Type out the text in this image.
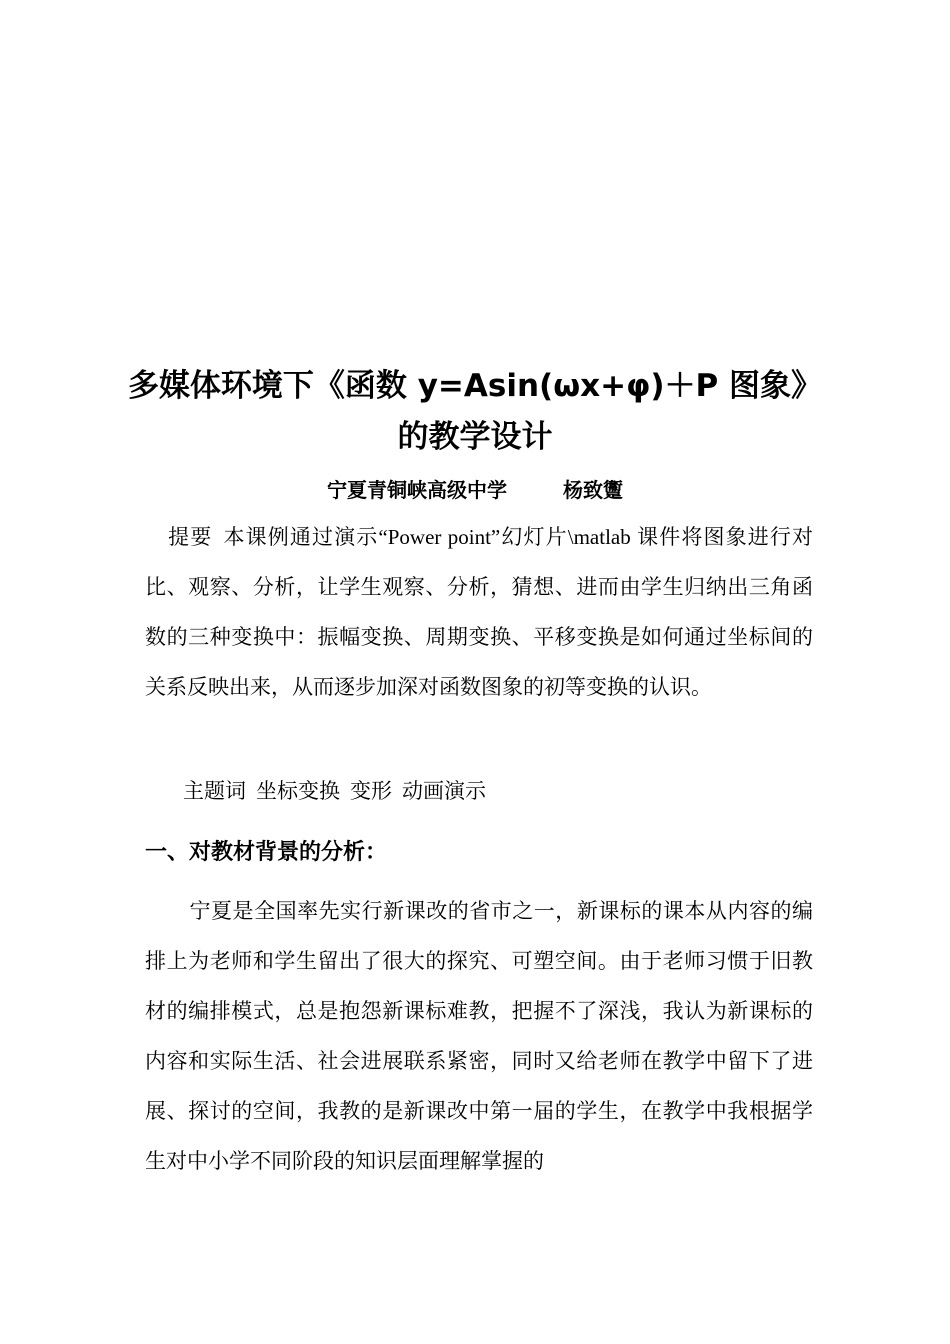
多媒体环境下《函数 y=Asin(ωx+φ)＋P 图象》
的教学设计
宁夏青铜峡高级中学	杨致躛
提要 本课例通过演示“Power point”幻灯片\matlab 课件将图象进行对比、观察、分析，让学生观察、分析，猜想、进而由学生归纳出三角函数的三种变换中：振幅变换、周期变换、平移变换是如何通过坐标间的关系反映出来，从而逐步加深对函数图象的初等变换的认识。
主题词 坐标变换 变形 动画演示
一、对教材背景的分析：
宁夏是全国率先实行新课改的省市之一，新课标的课本从内容的编排上为老师和学生留出了很大的探究、可塑空间。由于老师习惯于旧教材的编排模式，总是抱怨新课标难教，把握不了深浅，我认为新课标的内容和实际生活、社会进展联系紧密，同时又给老师在教学中留下了进展、探讨的空间，我教的是新课改中第一届的学生，在教学中我根据学生对中小学不同阶段的知识层面理解掌握的
